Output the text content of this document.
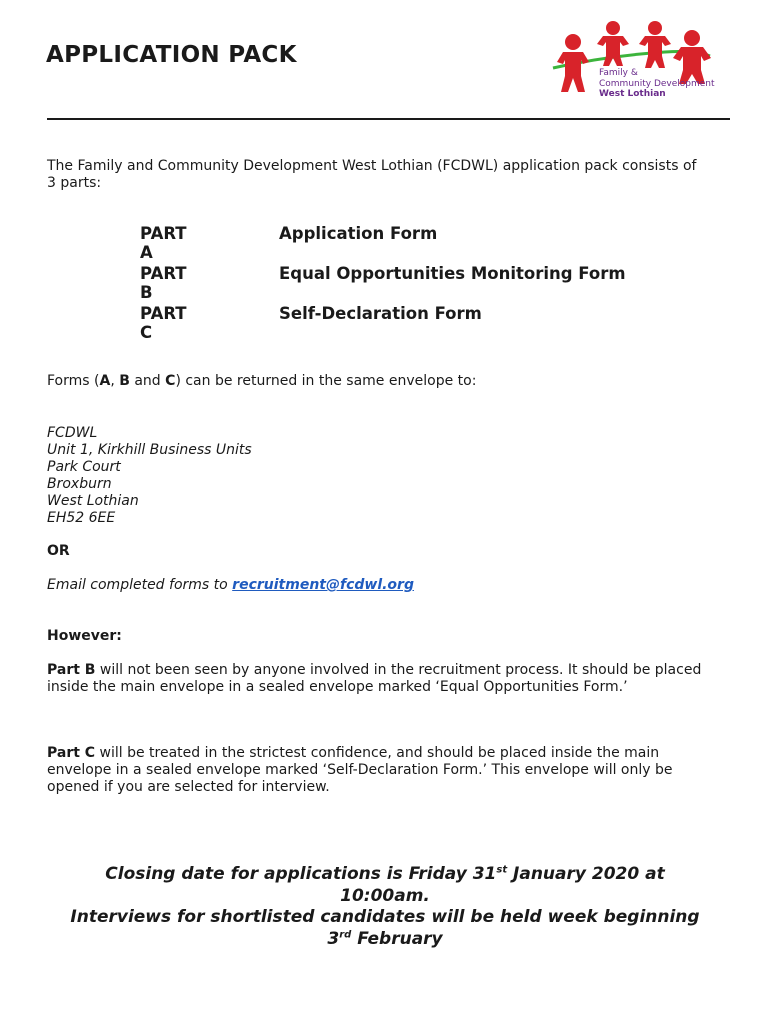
APPLICATION PACK
Family &
Community Development
West Lothian

The Family and Community Development West Lothian (FCDWL) application pack consists of 3 parts:

PART A
Application Form
PART B
Equal Opportunities Monitoring Form
PART C
Self-Declaration Form

Forms (A, B and C) can be returned in the same envelope to:

FCDWL
Unit 1, Kirkhill Business Units
Park Court
Broxburn
West Lothian
EH52 6EE

OR

Email completed forms to recruitment@fcdwl.org

However:

Part B will not been seen by anyone involved in the recruitment process. It should be placed inside the main envelope in a sealed envelope marked ‘Equal Opportunities Form.’

Part C will be treated in the strictest confidence, and should be placed inside the main envelope in a sealed envelope marked ‘Self-Declaration Form.’ This envelope will only be opened if you are selected for interview.

Closing date for applications is Friday 31st January 2020 at
10:00am.
Interviews for shortlisted candidates will be held week beginning
3rd February
